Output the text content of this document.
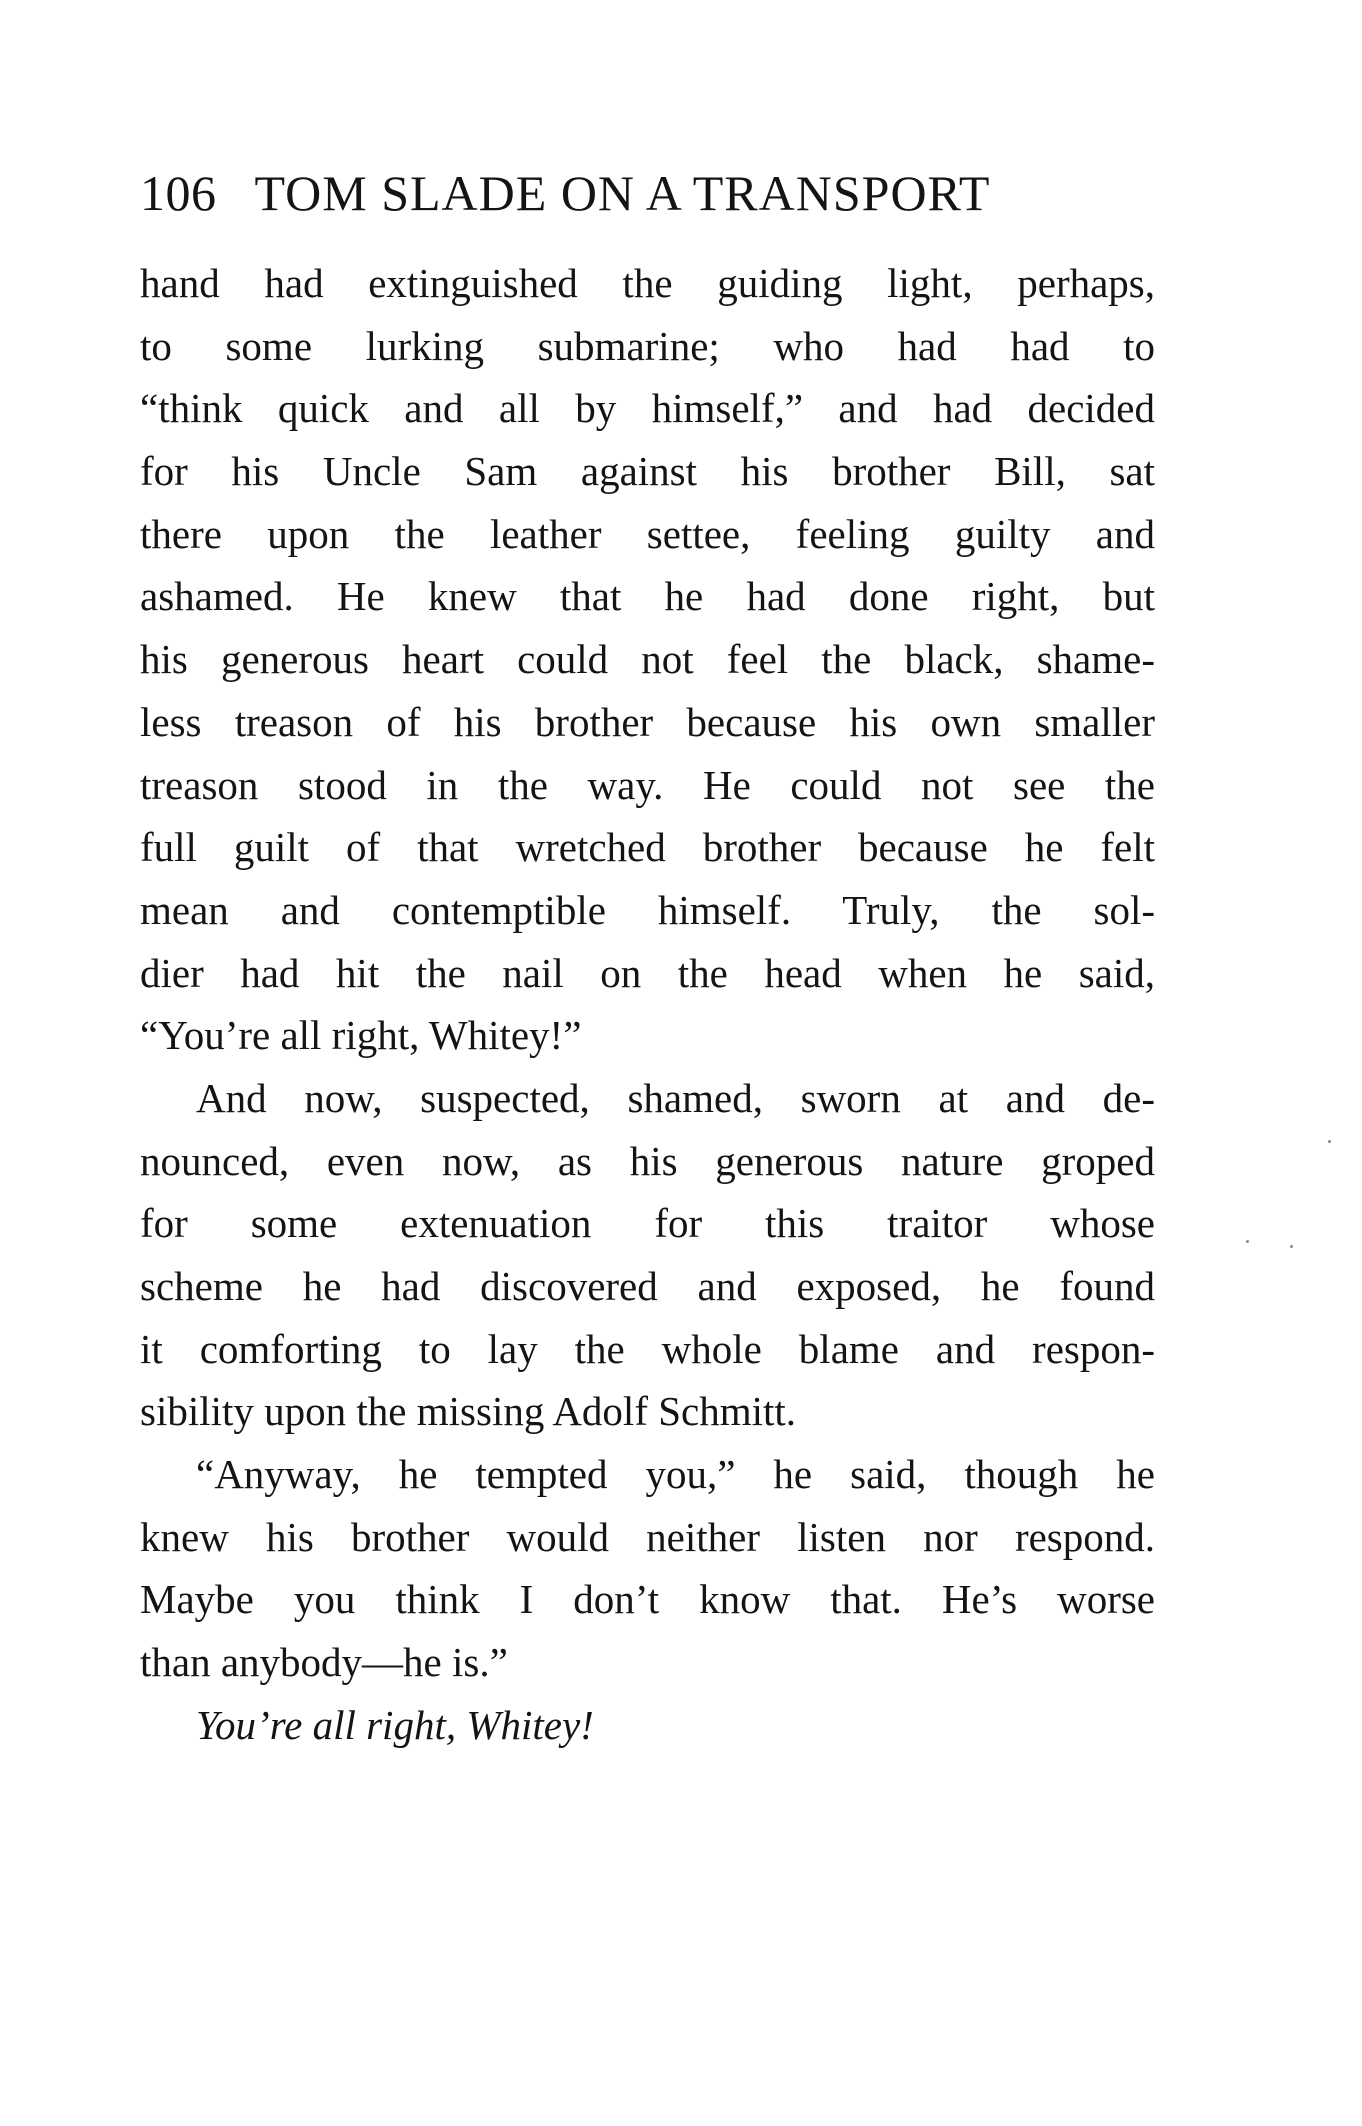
106 TOM SLADE ON A TRANSPORT
hand had extinguished the guiding light, perhaps,
to some lurking submarine; who had had to
“think quick and all by himself,” and had decided
for his Uncle Sam against his brother Bill, sat
there upon the leather settee, feeling guilty and
ashamed. He knew that he had done right, but
his generous heart could not feel the black, shame-
less treason of his brother because his own smaller
treason stood in the way. He could not see the
full guilt of that wretched brother because he felt
mean and contemptible himself. Truly, the sol-
dier had hit the nail on the head when he said,
“You’re all right, Whitey!”
And now, suspected, shamed, sworn at and de-
nounced, even now, as his generous nature groped
for some extenuation for this traitor whose
scheme he had discovered and exposed, he found
it comforting to lay the whole blame and respon-
sibility upon the missing Adolf Schmitt.
“Anyway, he tempted you,” he said, though he
knew his brother would neither listen nor respond.
Maybe you think I don’t know that. He’s worse
than anybody—he is.”
You’re all right, Whitey!
